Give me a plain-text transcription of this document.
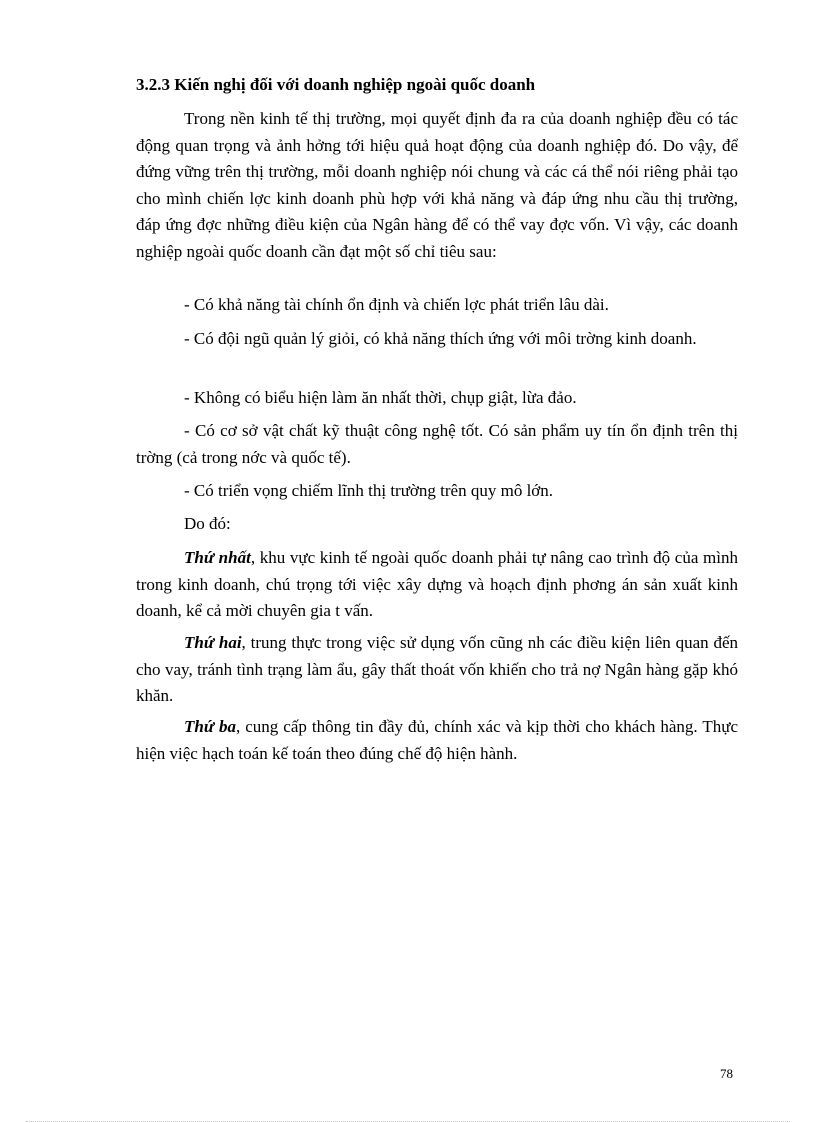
3.2.3 Kiến nghị đối với doanh nghiệp ngoài quốc doanh

Trong nền kinh tế thị trường, mọi quyết định đa ra của doanh nghiệp đều có tác động quan trọng và ảnh hởng tới hiệu quả hoạt động của doanh nghiệp đó. Do vậy, để đứng vững trên thị trường, mỗi doanh nghiệp nói chung và các cá thể nói riêng phải tạo cho mình chiến lợc kinh doanh phù hợp với khả năng và đáp ứng nhu cầu thị trường, đáp ứng đợc những điều kiện của Ngân hàng để có thể vay đợc vốn. Vì vậy, các doanh nghiệp ngoài quốc doanh cần đạt một số chỉ tiêu sau:

- Có khả năng tài chính ổn định và chiến lợc phát triển lâu dài.

- Có đội ngũ quản lý giỏi, có khả năng thích ứng với môi trờng kinh doanh.

- Không có biểu hiện làm ăn nhất thời, chụp giật, lừa đảo.

- Có cơ sở vật chất kỹ thuật công nghệ tốt. Có sản phẩm uy tín ổn định trên thị trờng (cả trong nớc và quốc tế).

- Có triển vọng chiếm lĩnh thị trường trên quy mô lớn.

Do đó:

Thứ nhất, khu vực kinh tế ngoài quốc doanh phải tự nâng cao trình độ của mình trong kinh doanh, chú trọng tới việc xây dựng và hoạch định phơng án sản xuất kinh doanh, kể cả mời chuyên gia t vấn.

Thứ hai, trung thực trong việc sử dụng vốn cũng nh các điều kiện liên quan đến cho vay, tránh tình trạng làm ẩu, gây thất thoát vốn khiến cho trả nợ Ngân hàng gặp khó khăn.

Thứ ba, cung cấp thông tin đầy đủ, chính xác và kịp thời cho khách hàng. Thực hiện việc hạch toán kế toán theo đúng chế độ hiện hành.

78
